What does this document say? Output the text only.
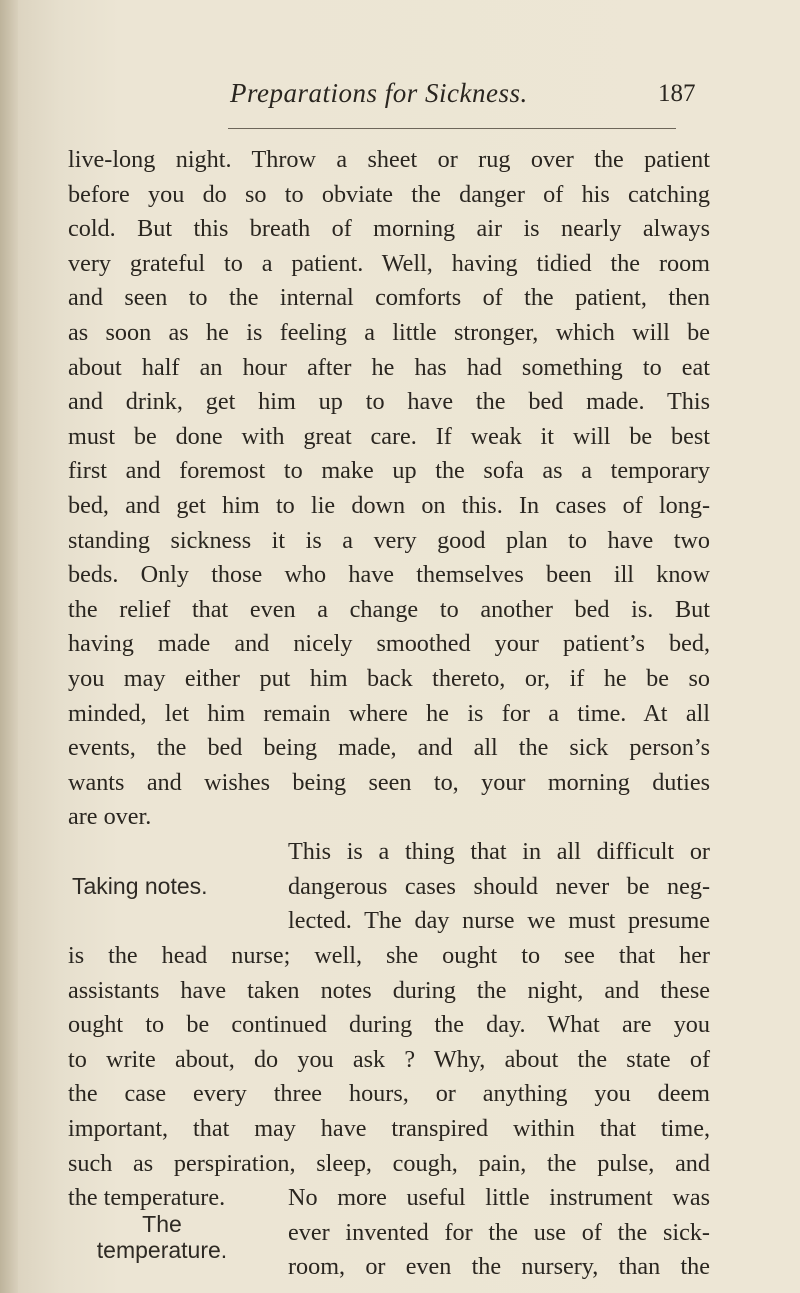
Preparations for Sickness.	187
live-long night. Throw a sheet or rug over the patient
before you do so to obviate the danger of his catching
cold. But this breath of morning air is nearly always
very grateful to a patient. Well, having tidied the room
and seen to the internal comforts of the patient, then
as soon as he is feeling a little stronger, which will be
about half an hour after he has had something to eat
and drink, get him up to have the bed made. This
must be done with great care. If weak it will be best
first and foremost to make up the sofa as a temporary
bed, and get him to lie down on this. In cases of long-
standing sickness it is a very good plan to have two
beds. Only those who have themselves been ill know
the relief that even a change to another bed is. But
having made and nicely smoothed your patient’s bed,
you may either put him back thereto, or, if he be so
minded, let him remain where he is for a time. At all
events, the bed being made, and all the sick person’s
wants and wishes being seen to, your morning duties
are over.
Taking notes.
This is a thing that in all difficult or
dangerous cases should never be neg-
lected. The day nurse we must presume
is the head nurse; well, she ought to see that her
assistants have taken notes during the night, and these
ought to be continued during the day. What are you
to write about, do you ask ? Why, about the state of
the case every three hours, or anything you deem
important, that may have transpired within that time,
such as perspiration, sleep, cough, pain, the pulse, and
the temperature.
The
temperature.
No more useful little instrument was
ever invented for the use of the sick-
room, or even the nursery, than the
